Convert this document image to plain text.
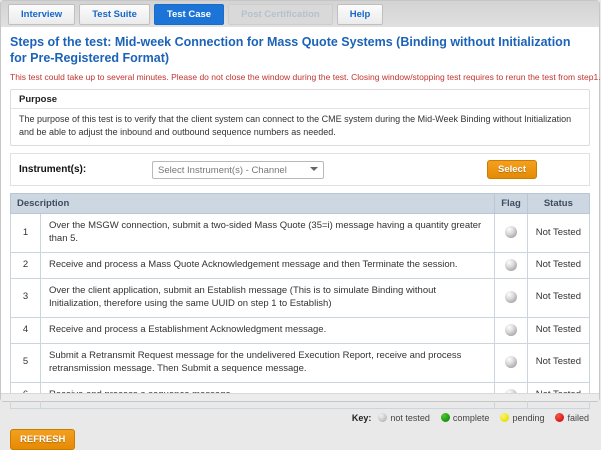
Interview	Test Suite	Test Case	Post Certification	Help
Steps of the test: Mid-week Connection for Mass Quote Systems (Binding without Initialization for Pre-Registered Format)
This test could take up to several minutes. Please do not close the window during the test. Closing window/stopping test requires to rerun the test from step1.
Purpose
The purpose of this test is to verify that the client system can connect to the CME system during the Mid-Week Binding without Initialization and be able to adjust the inbound and outbound sequence numbers as needed.
Instrument(s):
Select Instrument(s) - Channel	Select
Description		Flag	Status
1	Over the MSGW connection, submit a two-sided Mass Quote (35=i) message having a quantity greater than 5.		Not Tested
2	Receive and process a Mass Quote Acknowledgement message and then Terminate the session.		Not Tested
3	Over the client application, submit an Establish message (This is to simulate Binding without Initialization, therefore using the same UUID on step 1 to Establish)		Not Tested
4	Receive and process a Establishment Acknowledgment message.		Not Tested
5	Submit a Retransmit Request message for the undelivered Execution Report, receive and process retransmission message. Then Submit a sequence message.		Not Tested

Key: not tested	complete	pending	failed
REFRESH
